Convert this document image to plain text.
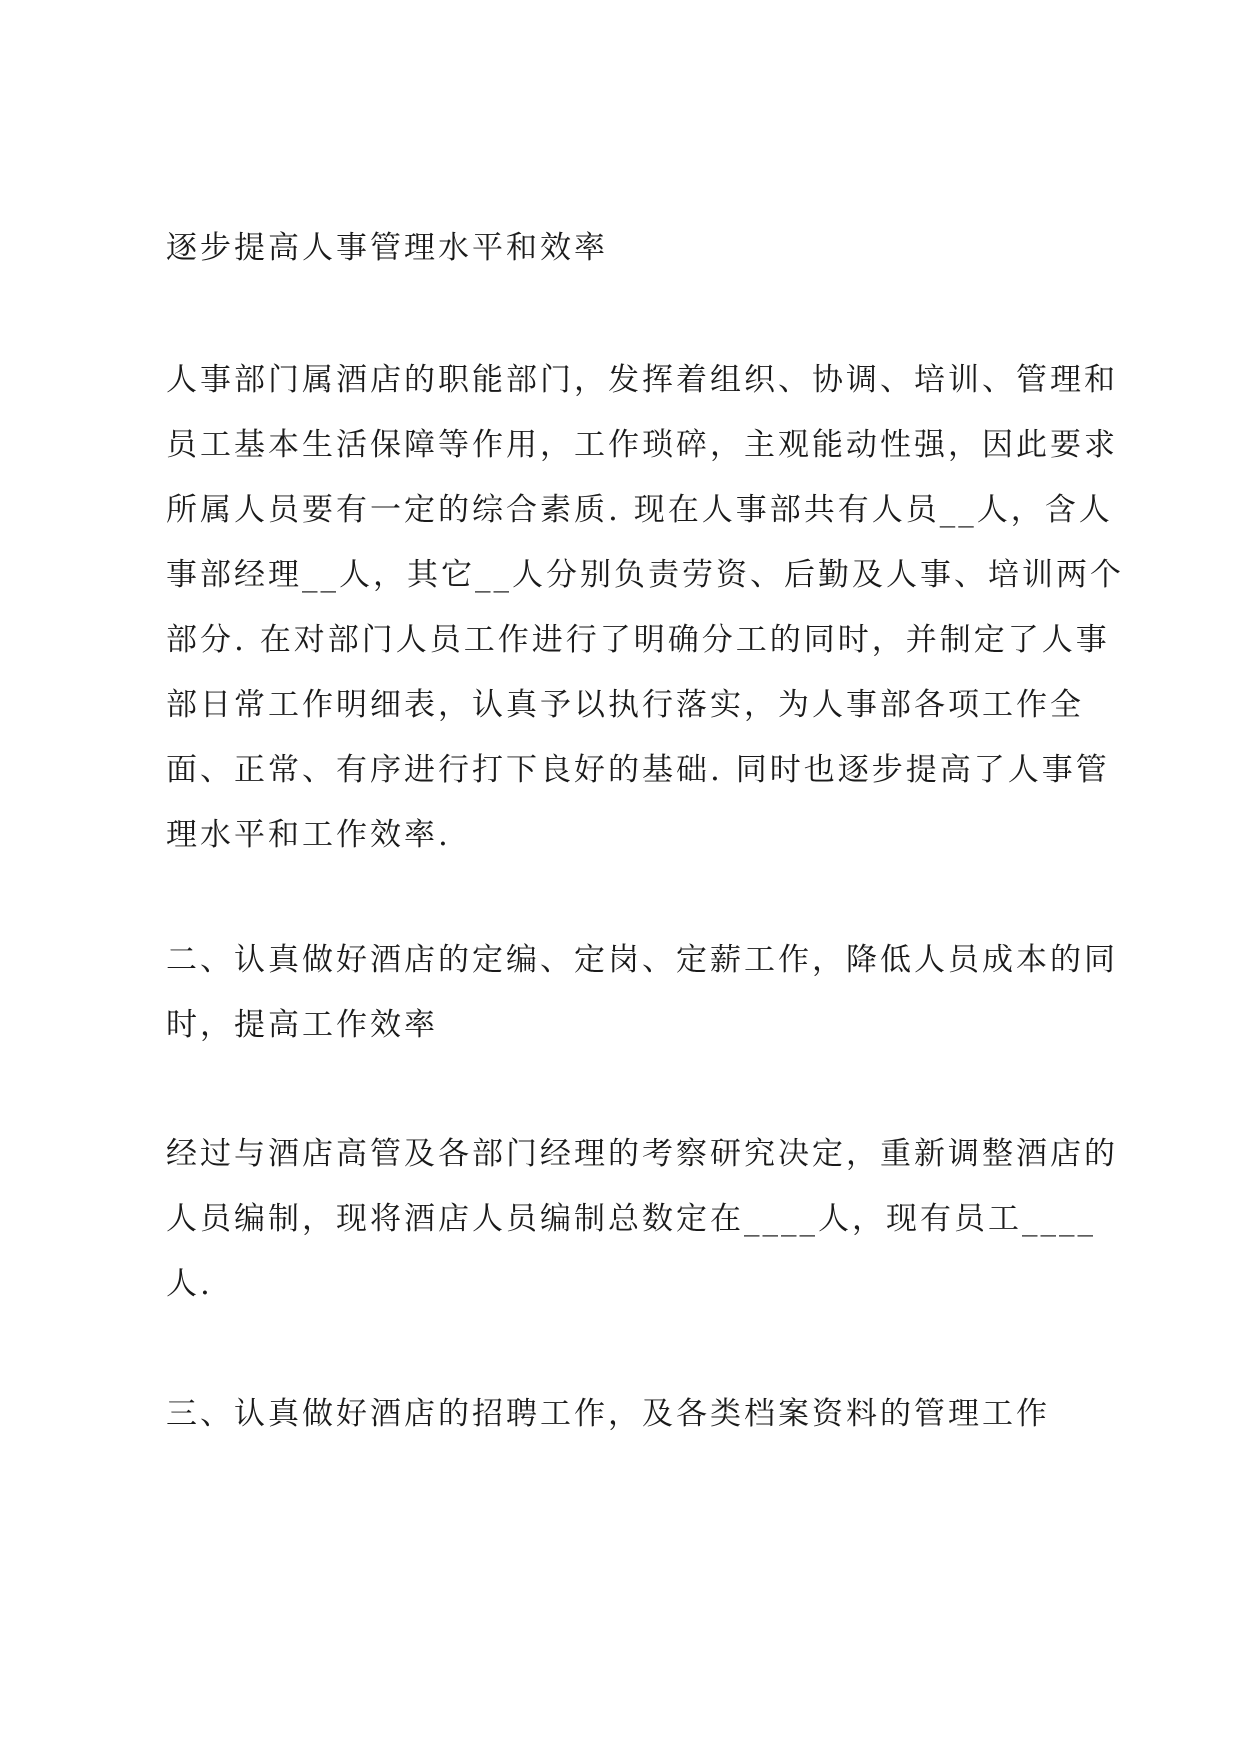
逐步提高人事管理水平和效率

人事部门属酒店的职能部门，发挥着组织、协调、培训、管理和
员工基本生活保障等作用，工作琐碎，主观能动性强，因此要求
所属人员要有一定的综合素质. 现在人事部共有人员__人，含人
事部经理__人，其它__人分别负责劳资、后勤及人事、培训两个
部分. 在对部门人员工作进行了明确分工的同时，并制定了人事
部日常工作明细表，认真予以执行落实，为人事部各项工作全
面、正常、有序进行打下良好的基础. 同时也逐步提高了人事管
理水平和工作效率.

二、认真做好酒店的定编、定岗、定薪工作，降低人员成本的同
时，提高工作效率

经过与酒店高管及各部门经理的考察研究决定，重新调整酒店的
人员编制，现将酒店人员编制总数定在____人，现有员工____
人.

三、认真做好酒店的招聘工作，及各类档案资料的管理工作
